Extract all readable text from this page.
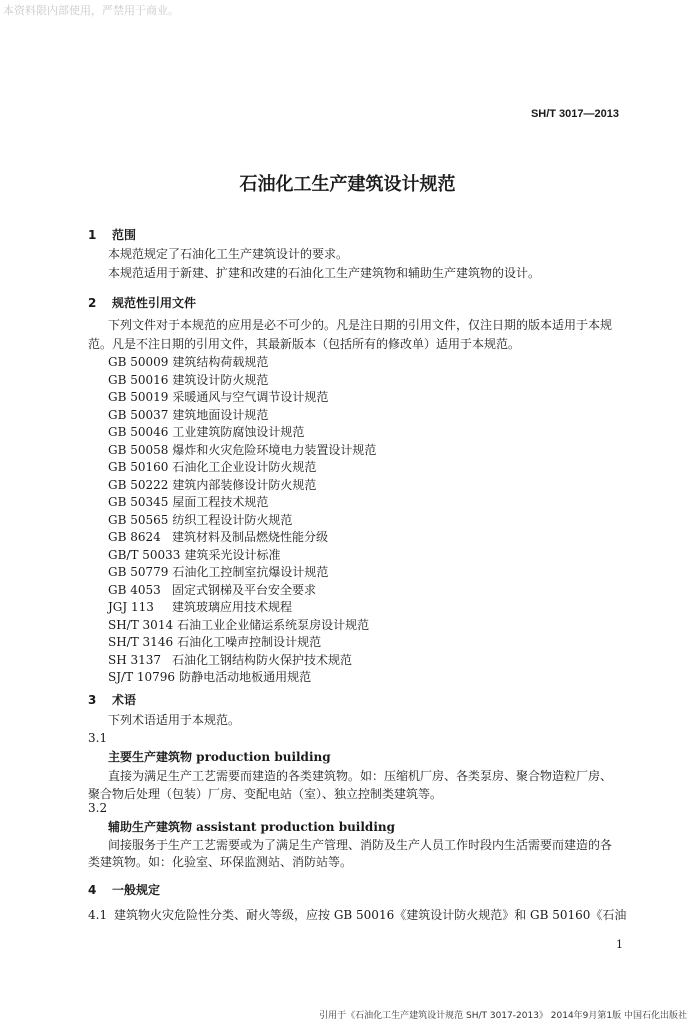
本资料限内部使用，严禁用于商业。
SH/T 3017—2013
石油化工生产建筑设计规范
1 范围
本规范规定了石油化工生产建筑设计的要求。
本规范适用于新建、扩建和改建的石油化工生产建筑物和辅助生产建筑物的设计。
2 规范性引用文件
下列文件对于本规范的应用是必不可少的。凡是注日期的引用文件，仅注日期的版本适用于本规
范。凡是不注日期的引用文件，其最新版本（包括所有的修改单）适用于本规范。
GB 50009 建筑结构荷载规范
GB 50016 建筑设计防火规范
GB 50019 采暖通风与空气调节设计规范
GB 50037 建筑地面设计规范
GB 50046 工业建筑防腐蚀设计规范
GB 50058 爆炸和火灾危险环境电力装置设计规范
GB 50160 石油化工企业设计防火规范
GB 50222 建筑内部装修设计防火规范
GB 50345 屋面工程技术规范
GB 50565 纺织工程设计防火规范
GB 8624 建筑材料及制品燃烧性能分级
GB/T 50033 建筑采光设计标准
GB 50779 石油化工控制室抗爆设计规范
GB 4053 固定式钢梯及平台安全要求
JGJ 113 建筑玻璃应用技术规程
SH/T 3014 石油工业企业储运系统泵房设计规范
SH/T 3146 石油化工噪声控制设计规范
SH 3137 石油化工钢结构防火保护技术规范
SJ/T 10796 防静电活动地板通用规范
3 术语
下列术语适用于本规范。
3.1
主要生产建筑物 production building
直接为满足生产工艺需要而建造的各类建筑物。如：压缩机厂房、各类泵房、聚合物造粒厂房、
聚合物后处理（包装）厂房、变配电站（室）、独立控制类建筑等。
3.2
辅助生产建筑物 assistant production building
间接服务于生产工艺需要或为了满足生产管理、消防及生产人员工作时段内生活需要而建造的各
类建筑物。如：化验室、环保监测站、消防站等。
4 一般规定
4.1 建筑物火灾危险性分类、耐火等级，应按 GB 50016《建筑设计防火规范》和 GB 50160《石油
1
引用于《石油化工生产建筑设计规范 SH/T 3017-2013》 2014年9月第1版 中国石化出版社
